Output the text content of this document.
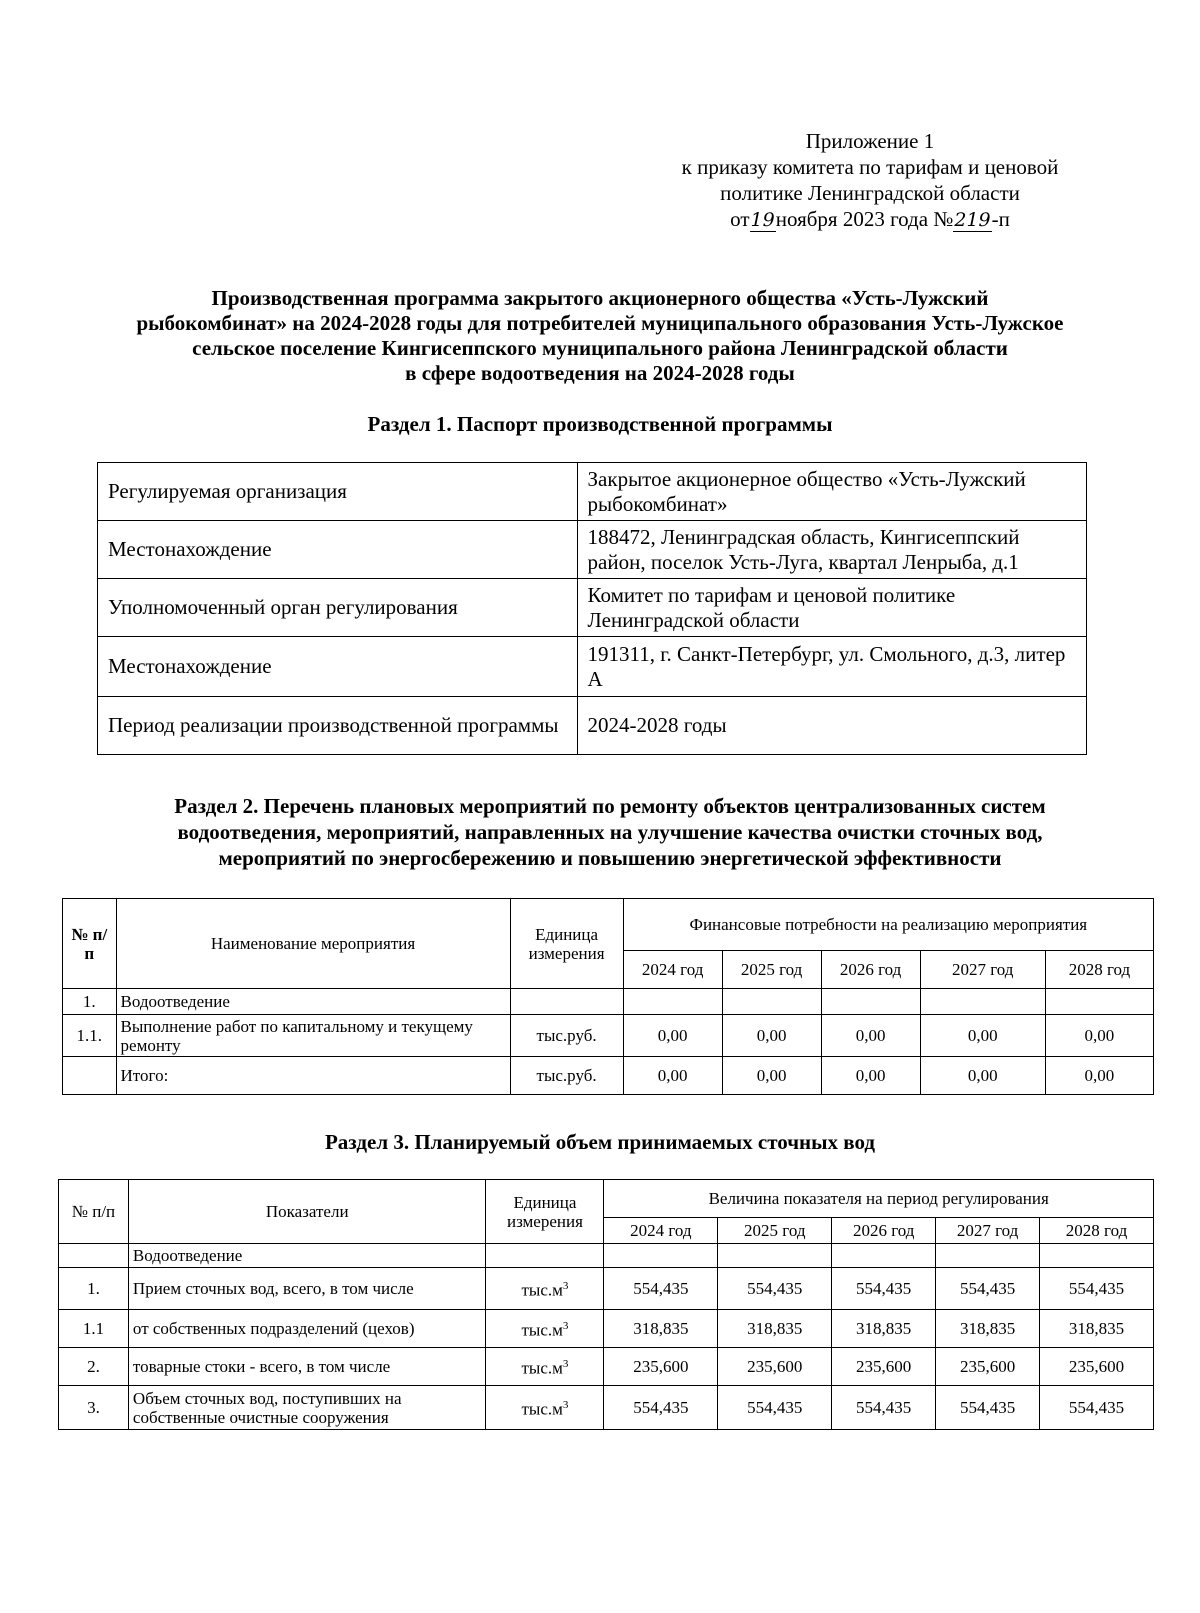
Приложение 1
к приказу комитета по тарифам и ценовой
политике Ленинградской области
от19ноября 2023 года №219-п
Производственная программа закрытого акционерного общества «Усть-Лужский
рыбокомбинат» на 2024-2028 годы для потребителей муниципального образования Усть-Лужское
сельское поселение Кингисеппского муниципального района Ленинградской области
в сфере водоотведения на 2024-2028 годы
Раздел 1. Паспорт производственной программы
Регулируемая организация	Закрытое акционерное общество «Усть-Лужский рыбокомбинат»
Местонахождение	188472, Ленинградская область, Кингисеппский район, поселок Усть-Луга, квартал Ленрыба, д.1
Уполномоченный орган регулирования	Комитет по тарифам и ценовой политике Ленинградской области
Местонахождение	191311, г. Санкт-Петербург, ул. Смольного, д.3, литер А
Период реализации производственной программы	2024-2028 годы
Раздел 2. Перечень плановых мероприятий по ремонту объектов централизованных систем
водоотведения, мероприятий, направленных на улучшение качества очистки сточных вод,
мероприятий по энергосбережению и повышению энергетической эффективности
№ п/п	Наименование мероприятия	Единица измерения	Финансовые потребности на реализацию мероприятия				
			2024 год	2025 год	2026 год	2027 год	2028 год
1.	Водоотведение						
1.1.	Выполнение работ по капитальному и текущему ремонту	тыс.руб.	0,00	0,00	0,00	0,00	0,00
	Итого:	тыс.руб.	0,00	0,00	0,00	0,00	0,00
Раздел 3. Планируемый объем принимаемых сточных вод
№ п/п	Показатели	Единица измерения	Величина показателя на период регулирования				
			2024 год	2025 год	2026 год	2027 год	2028 год
	Водоотведение						
1.	Прием сточных вод, всего, в том числе	$тыс.м^3$	554,435	554,435	554,435	554,435	554,435
1.1	от собственных подразделений (цехов)	$тыс.м^3$	318,835	318,835	318,835	318,835	318,835
2.	товарные стоки - всего, в том числе	$тыс.м^3$	235,600	235,600	235,600	235,600	235,600
3.	Объем сточных вод, поступивших на собственные очистные сооружения	$тыс.м^3$	554,435	554,435	554,435	554,435	554,435
